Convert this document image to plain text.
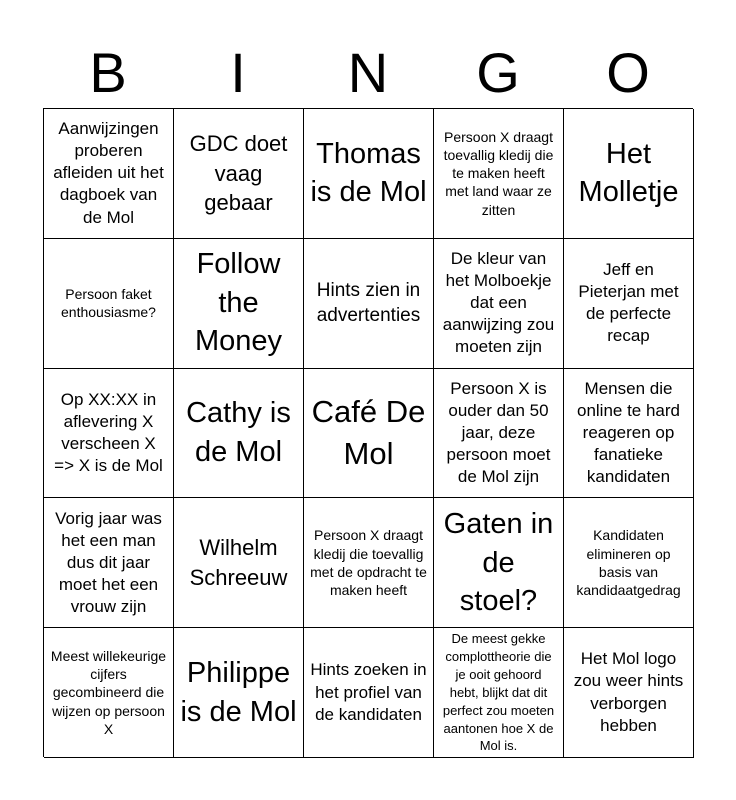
B	I	N	G	O
Aanwijzingen proberen afleiden uit het dagboek van de Mol
GDC doet vaag gebaar
Thomas is de Mol
Persoon X draagt toevallig kledij die te maken heeft met land waar ze zitten
Het Molletje
Persoon faket enthousiasme?
Follow the Money
Hints zien in advertenties
De kleur van het Molboekje dat een aanwijzing zou moeten zijn
Jeff en Pieterjan met de perfecte recap
Op XX:XX in aflevering X verscheen X => X is de Mol
Cathy is de Mol
Café De Mol
Persoon X is ouder dan 50 jaar, deze persoon moet de Mol zijn
Mensen die online te hard reageren op fanatieke kandidaten
Vorig jaar was het een man dus dit jaar moet het een vrouw zijn
Wilhelm Schreeuw
Persoon X draagt kledij die toevallig met de opdracht te maken heeft
Gaten in de stoel?
Kandidaten elimineren op basis van kandidaatgedrag
Meest willekeurige cijfers gecombineerd die wijzen op persoon X
Philippe is de Mol
Hints zoeken in het profiel van de kandidaten
De meest gekke complottheorie die je ooit gehoord hebt, blijkt dat dit perfect zou moeten aantonen hoe X de Mol is.
Het Mol logo zou weer hints verborgen hebben
